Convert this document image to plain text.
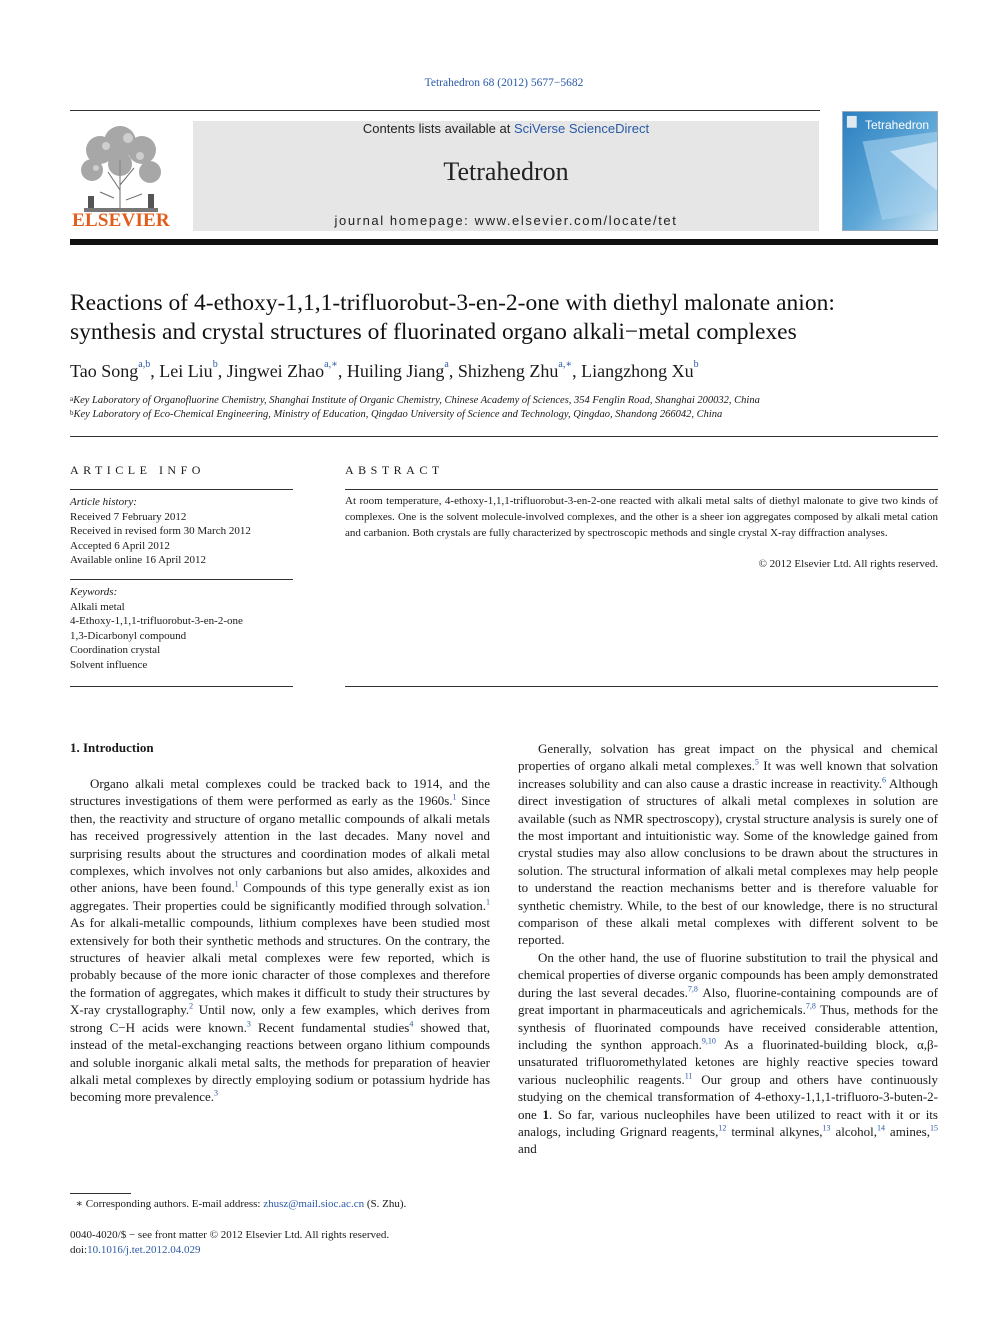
Tetrahedron 68 (2012) 5677−5682
ELSEVIER
Contents lists available at SciVerse ScienceDirect
Tetrahedron
journal homepage: www.elsevier.com/locate/tet
Tetrahedron
Reactions of 4-ethoxy-1,1,1-trifluorobut-3-en-2-one with diethyl malonate anion:
synthesis and crystal structures of fluorinated organo alkali−metal complexes
Tao Song$^{a,b}$, Lei Liu$^b$, Jingwei Zhao$^{a,∗}$, Huiling Jiang$^a$, Shizheng Zhu$^{a,∗}$, Liangzhong Xu$^b$
$^a$Key Laboratory of Organofluorine Chemistry, Shanghai Institute of Organic Chemistry, Chinese Academy of Sciences, 354 Fenglin Road, Shanghai 200032, China
$^b$Key Laboratory of Eco-Chemical Engineering, Ministry of Education, Qingdao University of Science and Technology, Qingdao, Shandong 266042, China
ARTICLE INFO
Article history:
Received 7 February 2012
Received in revised form 30 March 2012
Accepted 6 April 2012
Available online 16 April 2012
Keywords:
Alkali metal
4-Ethoxy-1,1,1-trifluorobut-3-en-2-one
1,3-Dicarbonyl compound
Coordination crystal
Solvent influence
ABSTRACT
At room temperature, 4-ethoxy-1,1,1-trifluorobut-3-en-2-one reacted with alkali metal salts of diethyl malonate to give two kinds of complexes. One is the solvent molecule-involved complexes, and the other is a sheer ion aggregates composed by alkali metal cation and carbanion. Both crystals are fully characterized by spectroscopic methods and single crystal X-ray diffraction analyses.
© 2012 Elsevier Ltd. All rights reserved.
1. Introduction

Organo alkali metal complexes could be tracked back to 1914, and the structures investigations of them were performed as early as the 1960s.$^1$ Since then, the reactivity and structure of organo metallic compounds of alkali metals has received progressively attention in the last decades. Many novel and surprising results about the structures and coordination modes of alkali metal complexes, which involves not only carbanions but also amides, alkoxides and other anions, have been found.$^1$ Compounds of this type generally exist as ion aggregates. Their properties could be significantly modified through solvation.$^1$ As for alkali-metallic compounds, lithium complexes have been studied most extensively for both their synthetic methods and structures. On the contrary, the structures of heavier alkali metal complexes were few reported, which is probably because of the more ionic character of those complexes and therefore the formation of aggregates, which makes it difficult to study their structures by X-ray crystallography.$^2$ Until now, only a few examples, which derives from strong C−H acids were known.$^3$ Recent fundamental studies$^4$ showed that, instead of the metal-exchanging reactions between organo lithium compounds and soluble inorganic alkali metal salts, the methods for preparation of heavier alkali metal complexes by directly employing sodium or potassium hydride has becoming more prevalence.$^3$

Generally, solvation has great impact on the physical and chemical properties of organo alkali metal complexes.$^5$ It was well known that solvation increases solubility and can also cause a drastic increase in reactivity.$^6$ Although direct investigation of structures of alkali metal complexes in solution are available (such as NMR spectroscopy), crystal structure analysis is surely one of the most important and intuitionistic way. Some of the knowledge gained from crystal studies may also allow conclusions to be drawn about the structures in solution. The structural information of alkali metal complexes may help people to understand the reaction mechanisms better and is therefore valuable for synthetic chemistry. While, to the best of our knowledge, there is no structural comparison of these alkali metal complexes with different solvent to be reported.

On the other hand, the use of fluorine substitution to trail the physical and chemical properties of diverse organic compounds has been amply demonstrated during the last several decades.$^{7,8}$ Also, fluorine-containing compounds are of great important in pharmaceuticals and agrichemicals.$^{7,8}$ Thus, methods for the synthesis of fluorinated compounds have received considerable attention, including the synthon approach.$^{9,10}$ As a fluorinated-building block, α,β-unsaturated trifluoromethylated ketones are highly reactive species toward various nucleophilic reagents.$^{11}$ Our group and others have continuously studying on the chemical transformation of 4-ethoxy-1,1,1-trifluoro-3-buten-2-one 1. So far, various nucleophiles have been utilized to react with it or its analogs, including Grignard reagents,$^{12}$ terminal alkynes,$^{13}$ alcohol,$^{14}$ amines,$^{15}$ and

∗ Corresponding authors. E-mail address: zhusz@mail.sioc.ac.cn (S. Zhu).
0040-4020/$ − see front matter © 2012 Elsevier Ltd. All rights reserved.
doi:10.1016/j.tet.2012.04.029
